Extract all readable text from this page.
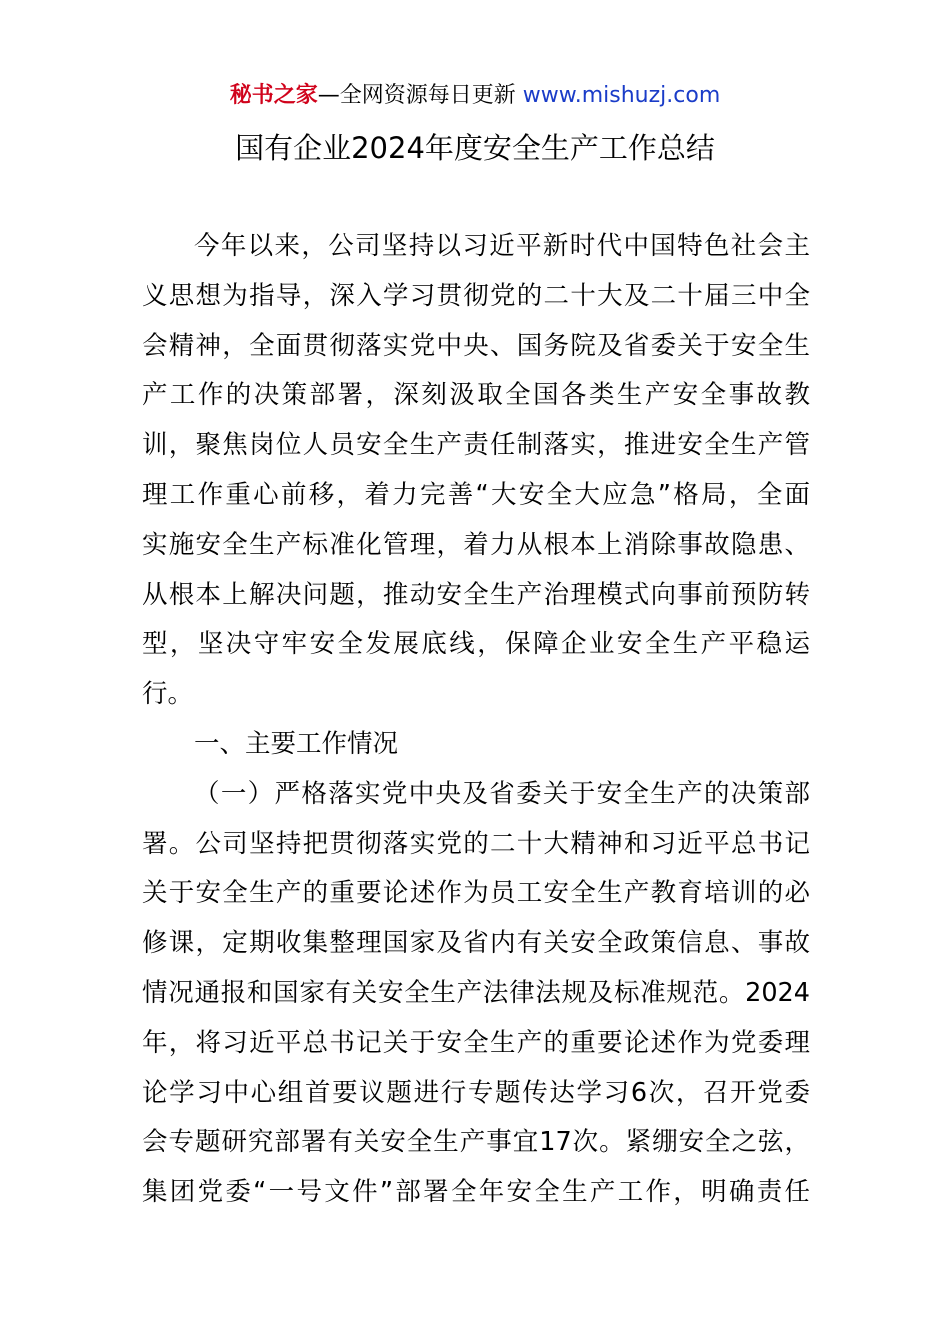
秘书之家—全网资源每日更新 www.mishuzj.com
国有企业2024年度安全生产工作总结
今年以来，公司坚持以习近平新时代中国特色社会主
义思想为指导，深入学习贯彻党的二十大及二十届三中全
会精神，全面贯彻落实党中央、国务院及省委关于安全生
产工作的决策部署，深刻汲取全国各类生产安全事故教
训，聚焦岗位人员安全生产责任制落实，推进安全生产管
理工作重心前移，着力完善“大安全大应急”格局，全面
实施安全生产标准化管理，着力从根本上消除事故隐患、
从根本上解决问题，推动安全生产治理模式向事前预防转
型，坚决守牢安全发展底线，保障企业安全生产平稳运
行。
一、主要工作情况
（一）严格落实党中央及省委关于安全生产的决策部
署。公司坚持把贯彻落实党的二十大精神和习近平总书记
关于安全生产的重要论述作为员工安全生产教育培训的必
修课，定期收集整理国家及省内有关安全政策信息、事故
情况通报和国家有关安全生产法律法规及标准规范。2024
年，将习近平总书记关于安全生产的重要论述作为党委理
论学习中心组首要议题进行专题传达学习6次，召开党委
会专题研究部署有关安全生产事宜17次。紧绷安全之弦，
集团党委“一号文件”部署全年安全生产工作，明确责任
